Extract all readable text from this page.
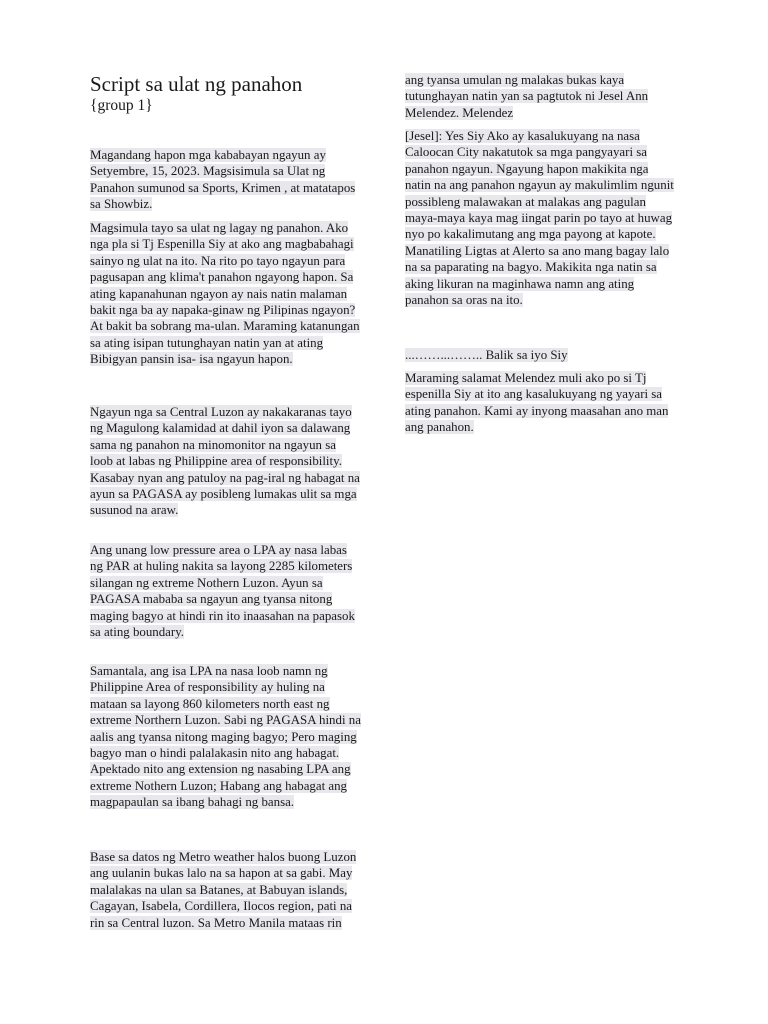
Script sa ulat ng panahon
{group 1}

Magandang hapon mga kababayan ngayun ay Setyembre, 15, 2023. Magsisimula sa Ulat ng Panahon sumunod sa Sports, Krimen , at matatapos sa Showbiz.

Magsimula tayo sa ulat ng lagay ng panahon. Ako nga pla si Tj Espenilla Siy at ako ang magbabahagi sainyo ng ulat na ito. Na rito po tayo ngayun para pagusapan ang klima't panahon ngayong hapon. Sa ating kapanahunan ngayon ay nais natin malaman bakit nga ba ay napaka-ginaw ng Pilipinas ngayon? At bakit ba sobrang ma-ulan. Maraming katanungan sa ating isipan tutunghayan natin yan at ating Bibigyan pansin isa- isa ngayun hapon.

Ngayun nga sa Central Luzon ay nakakaranas tayo ng Magulong kalamidad at dahil iyon sa dalawang sama ng panahon na minomonitor na ngayun sa loob at labas ng Philippine area of responsibility. Kasabay nyan ang patuloy na pag-iral ng habagat na ayun sa PAGASA ay posibleng lumakas ulit sa mga susunod na araw.

Ang unang low pressure area o LPA ay nasa labas ng PAR at huling nakita sa layong 2285 kilometers silangan ng extreme Nothern Luzon. Ayun sa PAGASA mababa sa ngayun ang tyansa nitong maging bagyo at hindi rin ito inaasahan na papasok sa ating boundary.

Samantala, ang isa LPA na nasa loob namn ng Philippine Area of responsibility ay huling na mataan sa layong 860 kilometers north east ng extreme Northern Luzon. Sabi ng PAGASA hindi na aalis ang tyansa nitong maging bagyo; Pero maging bagyo man o hindi palalakasin nito ang habagat. Apektado nito ang extension ng nasabing LPA ang extreme Nothern Luzon; Habang ang habagat ang magpapaulan sa ibang bahagi ng bansa.

Base sa datos ng Metro weather halos buong Luzon ang uulanin bukas lalo na sa hapon at sa gabi. May malalakas na ulan sa Batanes, at Babuyan islands, Cagayan, Isabela, Cordillera, Ilocos region, pati na rin sa Central luzon. Sa Metro Manila mataas rin

ang tyansa umulan ng malakas bukas kaya tutunghayan natin yan sa pagtutok ni Jesel Ann Melendez. Melendez

[Jesel]: Yes Siy Ako ay kasalukuyang na nasa Caloocan City nakatutok sa mga pangyayari sa panahon ngayun. Ngayung hapon makikita nga natin na ang panahon ngayun ay makulimlim ngunit possibleng malawakan at malakas ang pagulan maya-maya kaya mag iingat parin po tayo at huwag nyo po kakalimutang ang mga payong at kapote. Manatiling Ligtas at Alerto sa ano mang bagay lalo na sa paparating na bagyo. Makikita nga natin sa aking likuran na maginhawa namn ang ating panahon sa oras na ito.

...……...…….. Balik sa iyo Siy

Maraming salamat Melendez muli ako po si Tj espenilla Siy at ito ang kasalukuyang ng yayari sa ating panahon. Kami ay inyong maasahan ano man ang panahon.
